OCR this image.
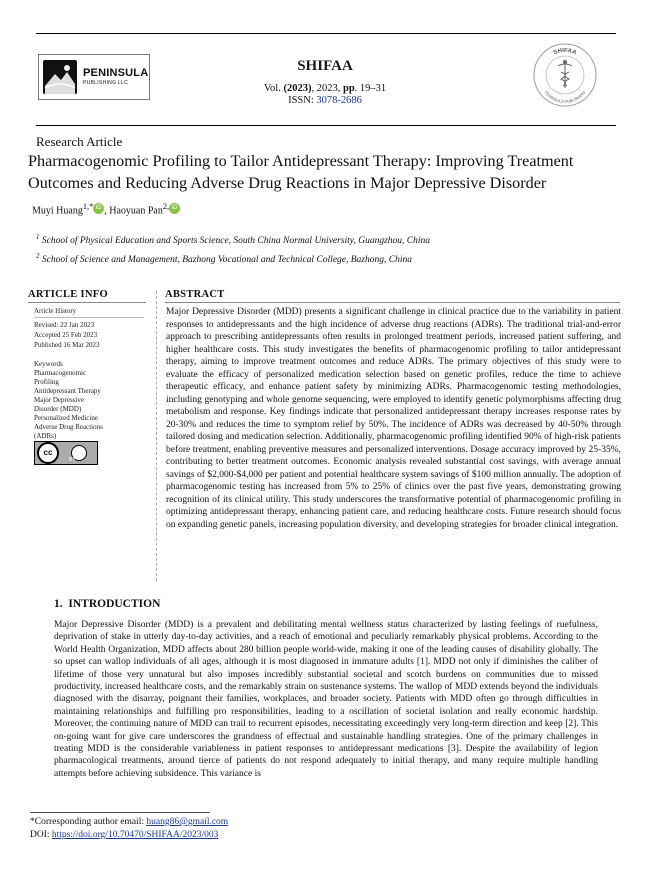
PENINSULA
PUBLISHING LLC
SHIFAA
Vol. (2023), 2023, pp. 19–31
ISSN: 3078-2686
SHIFAA
PENINSULA PUBLISHING
Research Article
Pharmacogenomic Profiling to Tailor Antidepressant Therapy: Improving Treatment Outcomes and Reducing Adverse Drug Reactions in Major Depressive Disorder
Muyi Huang$^{1,*}$ iD , Haoyuan Pan$^{2,}$ iD
$^1$ School of Physical Education and Sports Science, South China Normal University, Guangzhou, China
$^2$ School of Science and Management, Bazhong Vocational and Technical College, Bazhong, China
ARTICLE INFO
Article History
Revised: 22 Jan 2023
Accepted 25 Feb 2023
Published 16 Mar 2023
Keywords
Pharmacogenomic
Profiling
Antidepressant Therapy
Major Depressive
Disorder (MDD)
Personalized Medicine
Adverse Drug Reactions
(ADRs)
cc
BY
ABSTRACT
Major Depressive Disorder (MDD) presents a significant challenge in clinical practice due to the variability in patient responses to antidepressants and the high incidence of adverse drug reactions (ADRs). The traditional trial-and-error approach to prescribing antidepressants often results in prolonged treatment periods, increased patient suffering, and higher healthcare costs. This study investigates the benefits of pharmacogenomic profiling to tailor antidepressant therapy, aiming to improve treatment outcomes and reduce ADRs. The primary objectives of this study were to evaluate the efficacy of personalized medication selection based on genetic profiles, reduce the time to achieve therapeutic efficacy, and enhance patient safety by minimizing ADRs. Pharmacogenomic testing methodologies, including genotyping and whole genome sequencing, were employed to identify genetic polymorphisms affecting drug metabolism and response. Key findings indicate that personalized antidepressant therapy increases response rates by 20-30% and reduces the time to symptom relief by 50%. The incidence of ADRs was decreased by 40-50% through tailored dosing and medication selection. Additionally, pharmacogenomic profiling identified 90% of high-risk patients before treatment, enabling preventive measures and personalized interventions. Dosage accuracy improved by 25-35%, contributing to better treatment outcomes. Economic analysis revealed substantial cost savings, with average annual savings of $2,000-$4,000 per patient and potential healthcare system savings of $100 million annually. The adoption of pharmacogenomic testing has increased from 5% to 25% of clinics over the past five years, demonstrating growing recognition of its clinical utility. This study underscores the transformative potential of pharmacogenomic profiling in optimizing antidepressant therapy, enhancing patient care, and reducing healthcare costs. Future research should focus on expanding genetic panels, increasing population diversity, and developing strategies for broader clinical integration.
1.  INTRODUCTION
Major Depressive Disorder (MDD) is a prevalent and debilitating mental wellness status characterized by lasting feelings of ruefulness, deprivation of stake in utterly day-to-day activities, and a reach of emotional and peculiarly remarkably physical problems. According to the World Health Organization, MDD affects about 280 billion people world-wide, making it one of the leading causes of disability globally. The so upset can wallop individuals of all ages, although it is most diagnosed in immature adults [1]. MDD not only if diminishes the caliber of lifetime of those very unnatural but also imposes incredibly substantial societal and scotch burdens on communities due to missed productivity, increased healthcare costs, and the remarkably strain on sustenance systems. The wallop of MDD extends beyond the individuals diagnosed with the disarray, poignant their families, workplaces, and broader society. Patients with MDD often go through difficulties in maintaining relationships and fulfilling pro responsibilities, leading to a oscillation of societal isolation and really economic hardship. Moreover, the continuing nature of MDD can trail to recurrent episodes, necessitating exceedingly very long-term direction and keep [2]. This on-going want for give care underscores the grandness of effectual and sustainable handling strategies. One of the primary challenges in treating MDD is the considerable variableness in patient responses to antidepressant medications [3]. Despite the availability of legion pharmacological treatments, around tierce of patients do not respond adequately to initial therapy, and many require multiple handling attempts before achieving subsidence. This variance is
*Corresponding author email: huang86@gmail.com
DOI: https://doi.org/10.70470/SHIFAA/2023/003
